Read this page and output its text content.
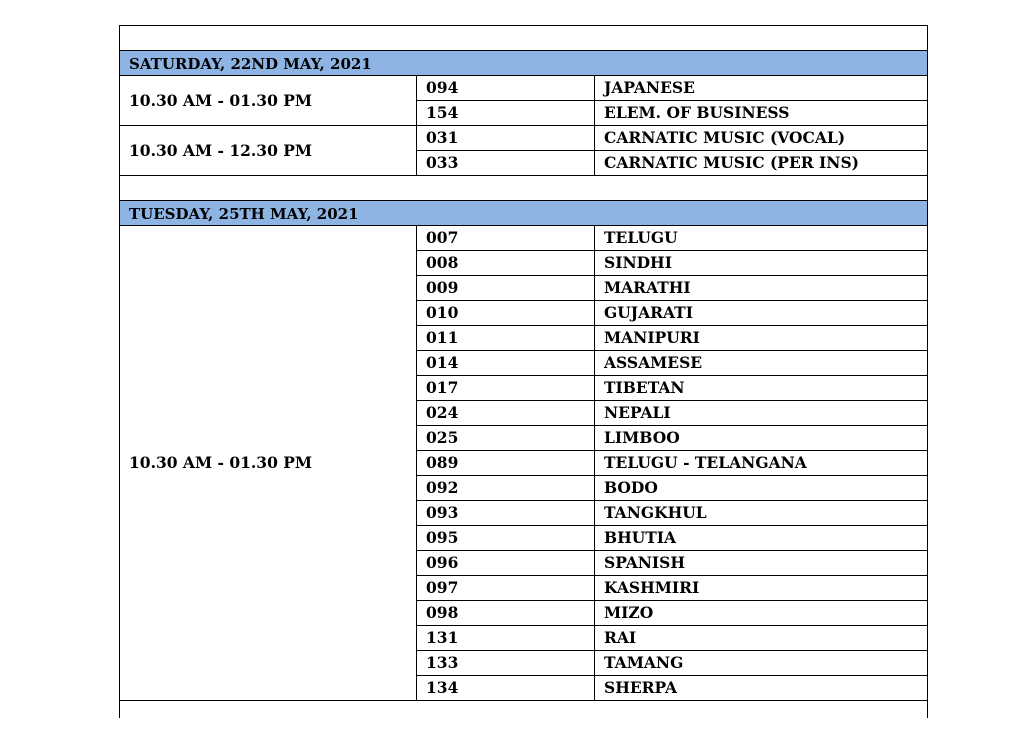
SATURDAY, 22ND MAY, 2021		
10.30 AM - 01.30 PM	094	JAPANESE
	154	ELEM. OF BUSINESS
10.30 AM - 12.30 PM	031	CARNATIC MUSIC (VOCAL)
	033	CARNATIC MUSIC (PER INS)

TUESDAY, 25TH MAY, 2021		
10.30 AM - 01.30 PM	007	TELUGU
	008	SINDHI
	009	MARATHI
	010	GUJARATI
	011	MANIPURI
	014	ASSAMESE
	017	TIBETAN
	024	NEPALI
	025	LIMBOO
	089	TELUGU - TELANGANA
	092	BODO
	093	TANGKHUL
	095	BHUTIA
	096	SPANISH
	097	KASHMIRI
	098	MIZO
	131	RAI
	133	TAMANG
	134	SHERPA
